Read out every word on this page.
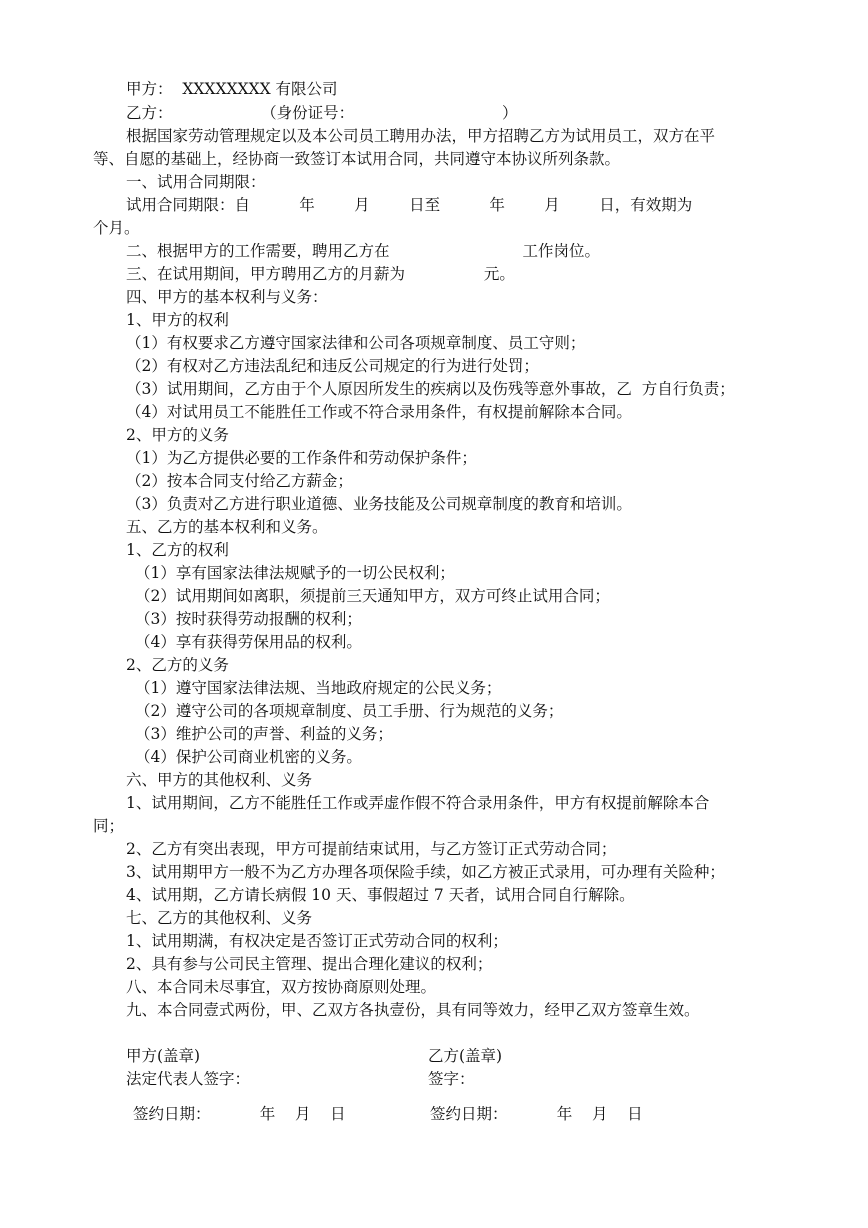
甲方：  XXXXXXXX 有限公司
乙方：                  （身份证号：                              ）
根据国家劳动管理规定以及本公司员工聘用办法，甲方招聘乙方为试用员工，双方在平
等、自愿的基础上，经协商一致签订本试用合同，共同遵守本协议所列条款。
一、试用合同期限：
试用合同期限：自          年        月        日至          年        月        日，有效期为
个月。
二、根据甲方的工作需要，聘用乙方在                           工作岗位。
三、在试用期间，甲方聘用乙方的月薪为                元。
四、甲方的基本权利与义务：
1、甲方的权利
（1）有权要求乙方遵守国家法律和公司各项规章制度、员工守则；
（2）有权对乙方违法乱纪和违反公司规定的行为进行处罚；
（3）试用期间，乙方由于个人原因所发生的疾病以及伤残等意外事故，乙  方自行负责；
（4）对试用员工不能胜任工作或不符合录用条件，有权提前解除本合同。
2、甲方的义务
（1）为乙方提供必要的工作条件和劳动保护条件；
（2）按本合同支付给乙方薪金；
（3）负责对乙方进行职业道德、业务技能及公司规章制度的教育和培训。
五、乙方的基本权利和义务。
1、乙方的权利
（1）享有国家法律法规赋予的一切公民权利；
（2）试用期间如离职，须提前三天通知甲方，双方可终止试用合同；
（3）按时获得劳动报酬的权利；
（4）享有获得劳保用品的权利。
2、乙方的义务
（1）遵守国家法律法规、当地政府规定的公民义务；
（2）遵守公司的各项规章制度、员工手册、行为规范的义务；
（3）维护公司的声誉、利益的义务；
（4）保护公司商业机密的义务。
六、甲方的其他权利、义务
1、试用期间，乙方不能胜任工作或弄虚作假不符合录用条件，甲方有权提前解除本合
同；
2、乙方有突出表现，甲方可提前结束试用，与乙方签订正式劳动合同；
3、试用期甲方一般不为乙方办理各项保险手续，如乙方被正式录用，可办理有关险种；
4、试用期，乙方请长病假 10 天、事假超过 7 天者，试用合同自行解除。
七、乙方的其他权利、义务
1、试用期满，有权决定是否签订正式劳动合同的权利；
2、具有参与公司民主管理、提出合理化建议的权利；
八、本合同未尽事宜，双方按协商原则处理。
九、本合同壹式两份，甲、乙双方各执壹份，具有同等效力，经甲乙双方签章生效。
甲方(盖章)	乙方(盖章)
法定代表人签字：	签字：
签约日期：          年    月    日	签约日期：          年    月    日
